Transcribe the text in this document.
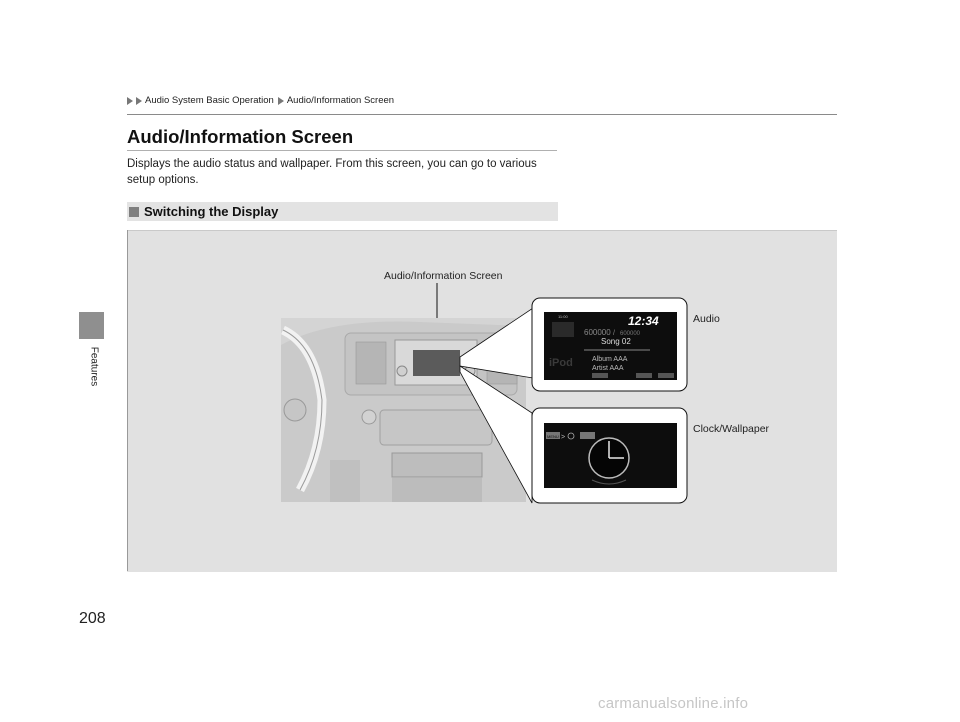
Features
Audio System Basic Operation Audio/Information Screen
Audio/Information Screen
Displays the audio status and wallpaper. From this screen, you can go to various setup options.
Switching the Display
Audio/Information Screen
Audio
Clock/Wallpaper
11:00	12:34
600000 / 600000
Song 02
iPod	Album AAA
Artist AAA
MENU >
208
carmanualsonline.info
